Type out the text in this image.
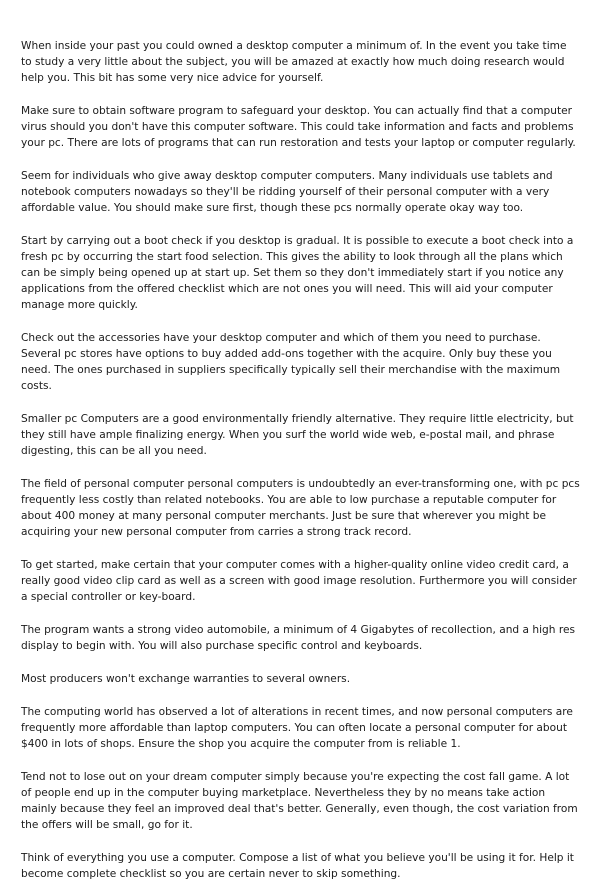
When inside your past you could owned a desktop computer a minimum of. In the event you take time to study a very little about the subject, you will be amazed at exactly how much doing research would help you. This bit has some very nice advice for yourself.

Make sure to obtain software program to safeguard your desktop. You can actually find that a computer virus should you don't have this computer software. This could take information and facts and problems your pc. There are lots of programs that can run restoration and tests your laptop or computer regularly.

Seem for individuals who give away desktop computer computers. Many individuals use tablets and notebook computers nowadays so they'll be ridding yourself of their personal computer with a very affordable value. You should make sure first, though these pcs normally operate okay way too.

Start by carrying out a boot check if you desktop is gradual. It is possible to execute a boot check into a fresh pc by occurring the start food selection. This gives the ability to look through all the plans which can be simply being opened up at start up. Set them so they don't immediately start if you notice any applications from the offered checklist which are not ones you will need. This will aid your computer manage more quickly.

Check out the accessories have your desktop computer and which of them you need to purchase. Several pc stores have options to buy added add-ons together with the acquire. Only buy these you need. The ones purchased in suppliers specifically typically sell their merchandise with the maximum costs.

Smaller pc Computers are a good environmentally friendly alternative. They require little electricity, but they still have ample finalizing energy. When you surf the world wide web, e-postal mail, and phrase digesting, this can be all you need.

The field of personal computer personal computers is undoubtedly an ever-transforming one, with pc pcs frequently less costly than related notebooks. You are able to low purchase a reputable computer for about 400 money at many personal computer merchants. Just be sure that wherever you might be acquiring your new personal computer from carries a strong track record.

To get started, make certain that your computer comes with a higher-quality online video credit card, a really good video clip card as well as a screen with good image resolution. Furthermore you will consider a special controller or key-board.

The program wants a strong video automobile, a minimum of 4 Gigabytes of recollection, and a high res display to begin with. You will also purchase specific control and keyboards.

Most producers won't exchange warranties to several owners.

The computing world has observed a lot of alterations in recent times, and now personal computers are frequently more affordable than laptop computers. You can often locate a personal computer for about $400 in lots of shops. Ensure the shop you acquire the computer from is reliable 1.

Tend not to lose out on your dream computer simply because you're expecting the cost fall game. A lot of people end up in the computer buying marketplace. Nevertheless they by no means take action mainly because they feel an improved deal that's better. Generally, even though, the cost variation from the offers will be small, go for it.

Think of everything you use a computer. Compose a list of what you believe you'll be using it for. Help it become complete checklist so you are certain never to skip something.
